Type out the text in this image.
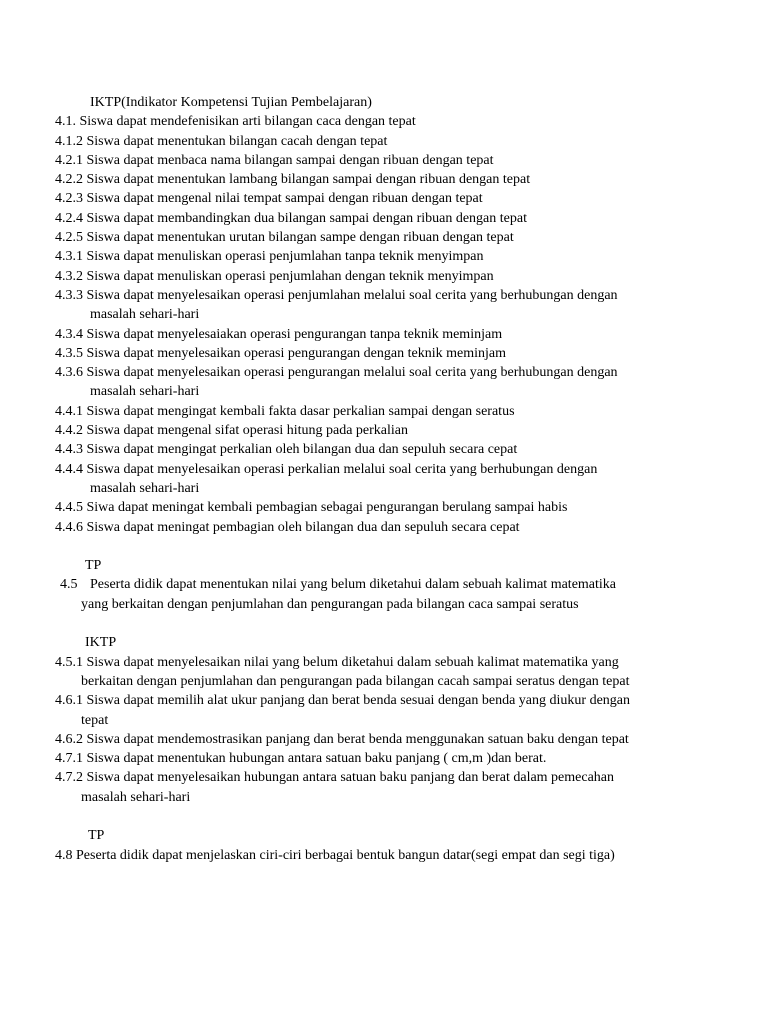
IKTP(Indikator Kompetensi Tujian Pembelajaran)
4.1. Siswa dapat mendefenisikan arti bilangan caca dengan tepat
4.1.2 Siswa dapat menentukan bilangan cacah dengan tepat
4.2.1 Siswa dapat menbaca nama bilangan sampai dengan ribuan dengan tepat
4.2.2 Siswa dapat menentukan lambang bilangan sampai dengan ribuan dengan tepat
4.2.3 Siswa dapat mengenal nilai tempat sampai dengan ribuan dengan tepat
4.2.4 Siswa dapat membandingkan dua bilangan sampai dengan ribuan dengan tepat
4.2.5 Siswa dapat menentukan urutan bilangan sampe dengan ribuan dengan tepat
4.3.1 Siswa dapat menuliskan operasi penjumlahan tanpa teknik menyimpan
4.3.2 Siswa dapat menuliskan operasi penjumlahan dengan teknik menyimpan
4.3.3 Siswa dapat menyelesaikan operasi penjumlahan melalui soal cerita yang berhubungan dengan
masalah sehari-hari
4.3.4 Siswa dapat menyelesaiakan operasi pengurangan tanpa teknik meminjam
4.3.5 Siswa dapat menyelesaikan operasi pengurangan dengan teknik meminjam
4.3.6 Siswa dapat menyelesaikan operasi pengurangan melalui soal cerita yang berhubungan dengan
masalah sehari-hari
4.4.1 Siswa dapat mengingat kembali fakta dasar perkalian sampai dengan seratus
4.4.2 Siswa dapat mengenal sifat operasi hitung pada perkalian
4.4.3 Siswa dapat mengingat perkalian oleh bilangan dua dan sepuluh secara cepat
4.4.4 Siswa dapat menyelesaikan operasi perkalian melalui soal cerita yang berhubungan dengan
masalah sehari-hari
4.4.5 Siwa dapat meningat kembali pembagian sebagai pengurangan berulang sampai habis
4.4.6 Siswa dapat meningat pembagian oleh bilangan dua dan sepuluh secara cepat
TP
4.5 Peserta didik dapat menentukan nilai yang belum diketahui dalam sebuah kalimat matematika
yang berkaitan dengan penjumlahan dan pengurangan pada bilangan caca sampai seratus
IKTP
4.5.1 Siswa dapat menyelesaikan nilai yang belum diketahui dalam sebuah kalimat matematika yang
berkaitan dengan penjumlahan dan pengurangan pada bilangan cacah sampai seratus dengan tepat
4.6.1 Siswa dapat memilih alat ukur panjang dan berat benda sesuai dengan benda yang diukur dengan
tepat
4.6.2 Siswa dapat mendemostrasikan panjang dan berat benda menggunakan satuan baku dengan tepat
4.7.1 Siswa dapat menentukan hubungan antara satuan baku panjang ( cm,m )dan berat.
4.7.2 Siswa dapat menyelesaikan hubungan antara satuan baku panjang dan berat dalam pemecahan
masalah sehari-hari
TP
4.8 Peserta didik dapat menjelaskan ciri-ciri berbagai bentuk bangun datar(segi empat dan segi tiga)
